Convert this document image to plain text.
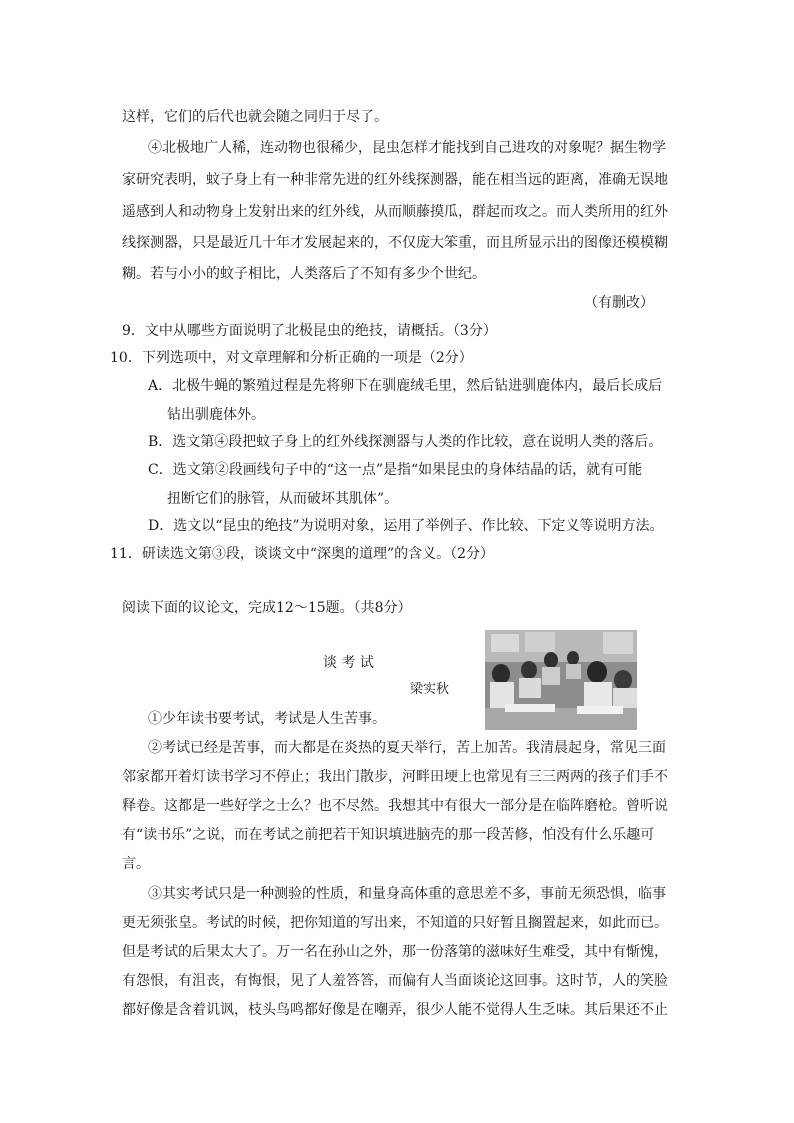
这样，它们的后代也就会随之同归于尽了。
④北极地广人稀，连动物也很稀少，昆虫怎样才能找到自己进攻的对象呢？据生物学
家研究表明，蚊子身上有一种非常先进的红外线探测器，能在相当远的距离，准确无误地
遥感到人和动物身上发射出来的红外线，从而顺藤摸瓜，群起而攻之。而人类所用的红外
线探测器，只是最近几十年才发展起来的，不仅庞大笨重，而且所显示出的图像还模模糊
糊。若与小小的蚊子相比，人类落后了不知有多少个世纪。
（有删改）
9．文中从哪些方面说明了北极昆虫的绝技，请概括。（3分）
10．下列选项中，对文章理解和分析正确的一项是（2分）
A．北极牛蝇的繁殖过程是先将卵下在驯鹿绒毛里，然后钻进驯鹿体内，最后长成后
钻出驯鹿体外。
B．选文第④段把蚊子身上的红外线探测器与人类的作比较，意在说明人类的落后。
C．选文第②段画线句子中的“这一点”是指“如果昆虫的身体结晶的话，就有可能
扭断它们的脉管，从而破坏其肌体”。
D．选文以“昆虫的绝技”为说明对象，运用了举例子、作比较、下定义等说明方法。
11．研读选文第③段，谈谈文中“深奥的道理”的含义。（2分）
阅读下面的议论文，完成12～15题。（共8分）
谈 考 试
梁实秋
①少年读书要考试，考试是人生苦事。
②考试已经是苦事，而大都是在炎热的夏天举行，苦上加苦。我清晨起身，常见三面
邻家都开着灯读书学习不停止；我出门散步，河畔田埂上也常见有三三两两的孩子们手不
释卷。这都是一些好学之士么？也不尽然。我想其中有很大一部分是在临阵磨枪。曾听说
有“读书乐”之说，而在考试之前把若干知识填进脑壳的那一段苦修，怕没有什么乐趣可
言。
③其实考试只是一种测验的性质，和量身高体重的意思差不多，事前无须恐惧，临事
更无须张皇。考试的时候，把你知道的写出来，不知道的只好暂且搁置起来，如此而已。
但是考试的后果太大了。万一名在孙山之外，那一份落第的滋味好生难受，其中有惭愧，
有怨恨，有沮丧，有悔恨，见了人羞答答，而偏有人当面谈论这回事。这时节，人的笑脸
都好像是含着讥讽，枝头鸟鸣都好像是在嘲弄，很少人能不觉得人生乏味。其后果还不止
